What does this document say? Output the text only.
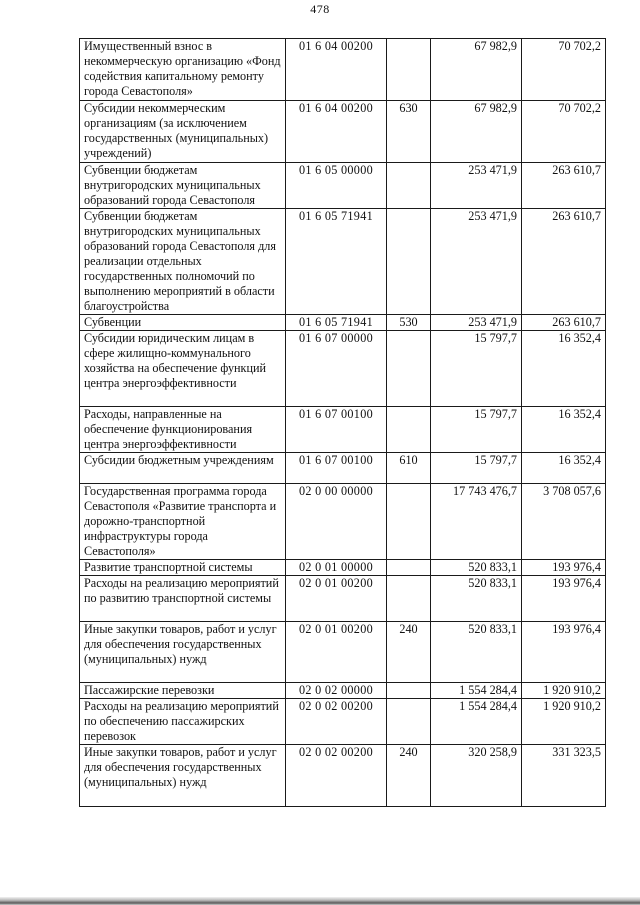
478
Имущественный взнос в некоммерческую организацию «Фонд содействия капитальному ремонту города Севастополя»	01 6 04 00200		67 982,9	70 702,2
Субсидии некоммерческим организациям (за исключением государственных (муниципальных) учреждений)	01 6 04 00200	630	67 982,9	70 702,2
Субвенции бюджетам внутригородских муниципальных образований города Севастополя	01 6 05 00000		253 471,9	263 610,7
Субвенции бюджетам внутригородских муниципальных образований города Севастополя для реализации отдельных государственных полномочий по выполнению мероприятий в области благоустройства	01 6 05 71941		253 471,9	263 610,7
Субвенции	01 6 05 71941	530	253 471,9	263 610,7
Субсидии юридическим лицам в сфере жилищно-коммунального хозяйства на обеспечение функций центра энергоэффективности	01 6 07 00000		15 797,7	16 352,4
Расходы, направленные на обеспечение функционирования центра энергоэффективности	01 6 07 00100		15 797,7	16 352,4
Субсидии бюджетным учреждениям	01 6 07 00100	610	15 797,7	16 352,4
Государственная программа города Севастополя «Развитие транспорта и дорожно-транспортной инфраструктуры города Севастополя»	02 0 00 00000		17 743 476,7	3 708 057,6
Развитие транспортной системы	02 0 01 00000		520 833,1	193 976,4
Расходы на реализацию мероприятий по развитию транспортной системы	02 0 01 00200		520 833,1	193 976,4
Иные закупки товаров, работ и услуг для обеспечения государственных (муниципальных) нужд	02 0 01 00200	240	520 833,1	193 976,4
Пассажирские перевозки	02 0 02 00000		1 554 284,4	1 920 910,2
Расходы на реализацию мероприятий по обеспечению пассажирских перевозок	02 0 02 00200		1 554 284,4	1 920 910,2
Иные закупки товаров, работ и услуг для обеспечения государственных (муниципальных) нужд	02 0 02 00200	240	320 258,9	331 323,5
